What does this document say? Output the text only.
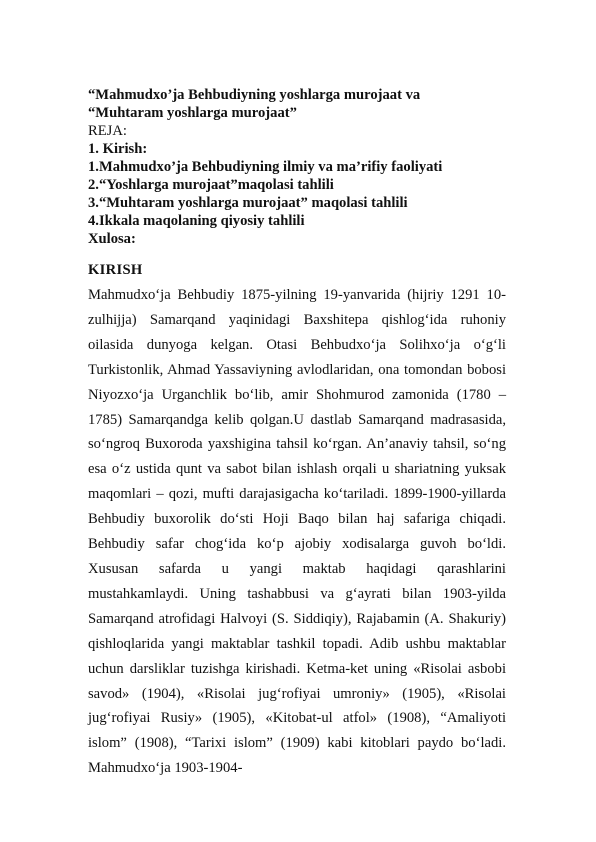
“Mahmudxo’ja Behbudiyning yoshlarga murojaat va
“Muhtaram yoshlarga murojaat”

REJA:

1. Kirish:
1.Mahmudxo’ja Behbudiyning ilmiy va ma’rifiy faoliyati
2.“Yoshlarga murojaat”maqolasi tahlili
3.“Muhtaram yoshlarga murojaat” maqolasi tahlili
4.Ikkala maqolaning qiyosiy tahlili

Xulosa:

KIRISH

Mahmudxo‘ja Behbudiy 1875-yilning 19-yanvarida (hijriy 1291 10-zulhijja) Samarqand yaqinidagi Baxshitepa qishlog‘ida ruhoniy oilasida dunyoga kelgan. Otasi Behbudxo‘ja Solihxo‘ja o‘g‘li Turkistonlik, Ahmad Yassaviyning avlodlaridan, ona tomondan bobosi Niyozxo‘ja Urganchlik bo‘lib, amir Shohmurod zamonida (1780 – 1785) Samarqandga kelib qolgan.U dastlab Samarqand madrasasida, so‘ngroq Buxoroda yaxshigina tahsil ko‘rgan. An’anaviy tahsil, so‘ng esa o‘z ustida qunt va sabot bilan ishlash orqali u shariatning yuksak maqomlari – qozi, mufti darajasigacha ko‘tariladi. 1899-1900-yillarda Behbudiy buxorolik do‘sti Hoji Baqo bilan haj safariga chiqadi. Behbudiy safar chog‘ida ko‘p ajobiy xodisalarga guvoh bo‘ldi. Xususan safarda u yangi maktab haqidagi qarashlarini mustahkamlaydi. Uning tashabbusi va g‘ayrati bilan 1903-yilda Samarqand atrofidagi Halvoyi (S. Siddiqiy), Rajabamin (A. Shakuriy) qishloqlarida yangi maktablar tashkil topadi. Adib ushbu maktablar uchun darsliklar tuzishga kirishadi. Ketma-ket uning «Risolai asbobi savod» (1904), «Risolai jug‘rofiyai umroniy» (1905), «Risolai jug‘rofiyai Rusiy» (1905), «Kitobat-ul atfol» (1908), “Amaliyoti islom” (1908), “Tarixi islom” (1909) kabi kitoblari paydo bo‘ladi. Mahmudxo‘ja 1903-1904-
